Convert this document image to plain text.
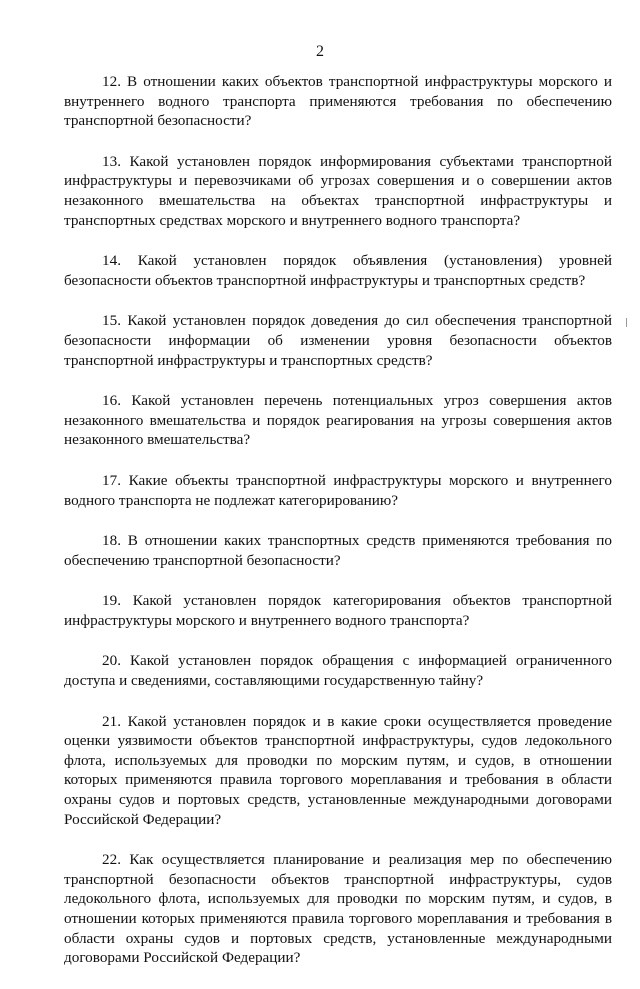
2

12. В отношении каких объектов транспортной инфраструктуры морского и внутреннего водного транспорта применяются требования по обеспечению транспортной безопасности?

13. Какой установлен порядок информирования субъектами транспортной инфраструктуры и перевозчиками об угрозах совершения и о совершении актов незаконного вмешательства на объектах транспортной инфраструктуры и транспортных средствах морского и внутреннего водного транспорта?

14. Какой установлен порядок объявления (установления) уровней безопасности объектов транспортной инфраструктуры и транспортных средств?

15. Какой установлен порядок доведения до сил обеспечения транспортной безопасности информации об изменении уровня безопасности объектов транспортной инфраструктуры и транспортных средств?

16. Какой установлен перечень потенциальных угроз совершения актов незаконного вмешательства и порядок реагирования на угрозы совершения актов незаконного вмешательства?

17. Какие объекты транспортной инфраструктуры морского и внутреннего водного транспорта не подлежат категорированию?

18. В отношении каких транспортных средств применяются требования по обеспечению транспортной безопасности?

19. Какой установлен порядок категорирования объектов транспортной инфраструктуры морского и внутреннего водного транспорта?

20. Какой установлен порядок обращения с информацией ограниченного доступа и сведениями, составляющими государственную тайну?

21. Какой установлен порядок и в какие сроки осуществляется проведение оценки уязвимости объектов транспортной инфраструктуры, судов ледокольного флота, используемых для проводки по морским путям, и судов, в отношении которых применяются правила торгового мореплавания и требования в области охраны судов и портовых средств, установленные международными договорами Российской Федерации?

22. Как осуществляется планирование и реализация мер по обеспечению транспортной безопасности объектов транспортной инфраструктуры, судов ледокольного флота, используемых для проводки по морским путям, и судов, в отношении которых применяются правила торгового мореплавания и требования в области охраны судов и портовых средств, установленные международными договорами Российской Федерации?
